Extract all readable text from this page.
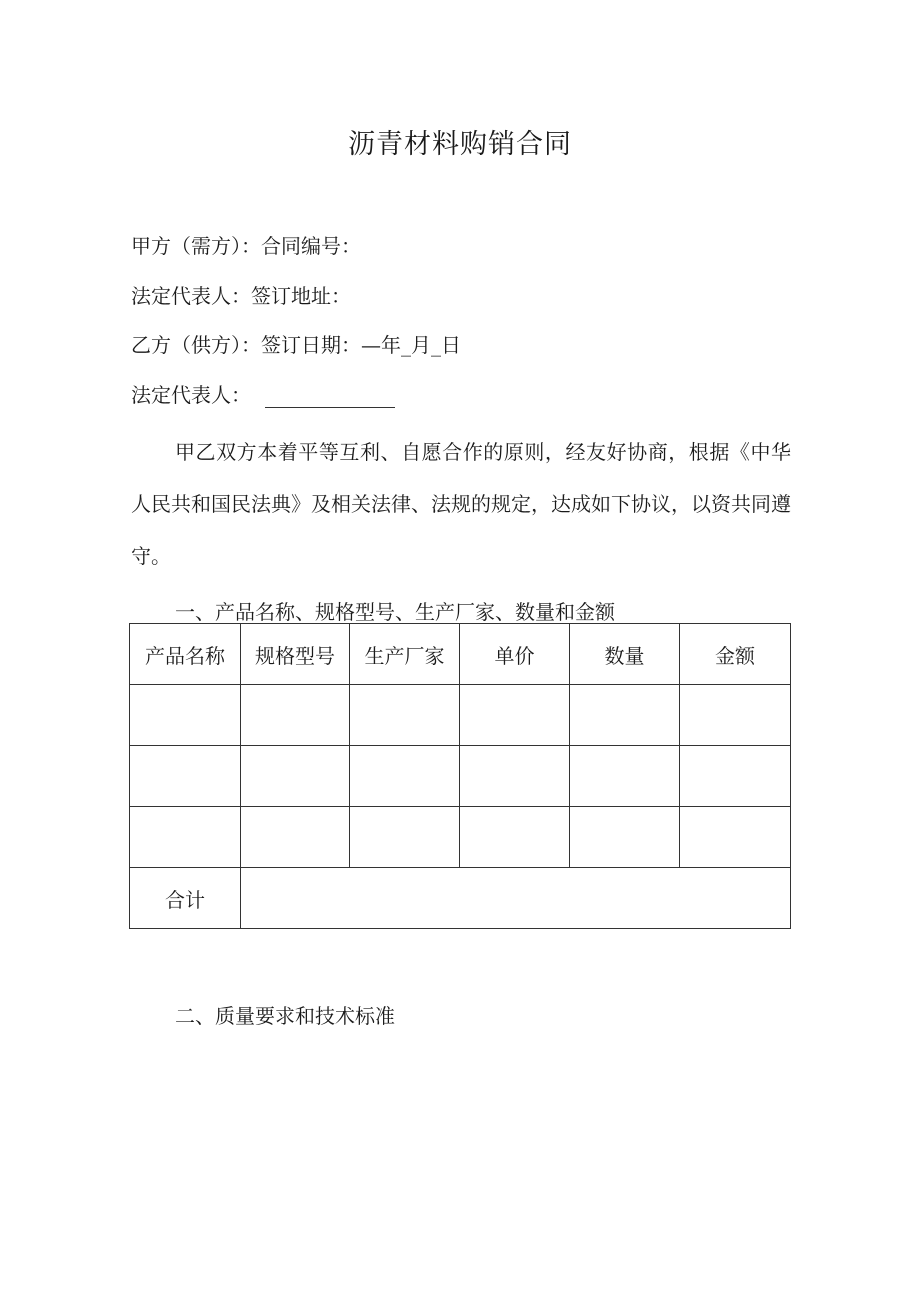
沥青材料购销合同
甲方（需方）：合同编号：
法定代表人：签订地址：
乙方（供方）：签订日期：—年_月_日
法定代表人：
甲乙双方本着平等互利、自愿合作的原则，经友好协商，根据《中华人民共和国民法典》及相关法律、法规的规定，达成如下协议，以资共同遵守。
一、产品名称、规格型号、生产厂家、数量和金额
产品名称	规格型号	生产厂家	单价	数量	金额

合计					
二、质量要求和技术标准
